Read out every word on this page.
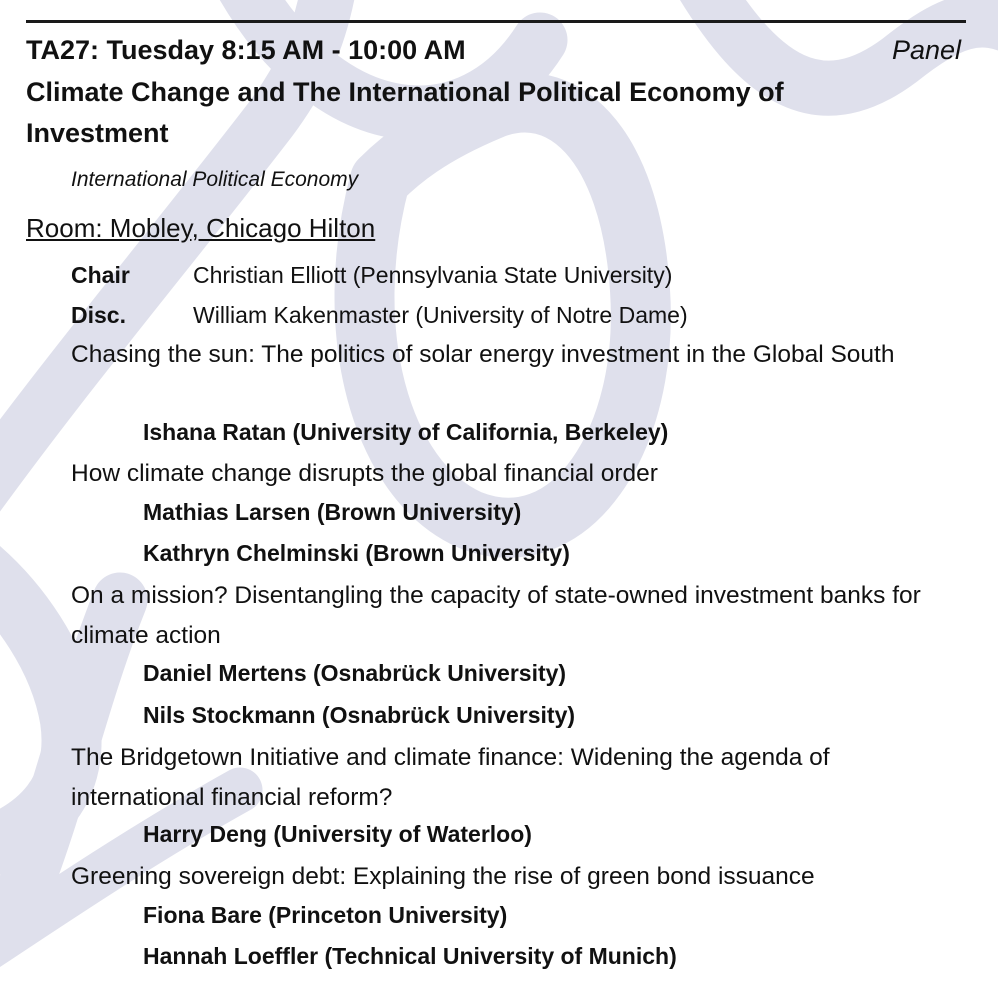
TA27: Tuesday 8:15 AM - 10:00 AM	Panel
Climate Change and The International Political Economy of Investment
International Political Economy
Room: Mobley, Chicago Hilton
Chair	Christian Elliott (Pennsylvania State University)
Disc.	William Kakenmaster (University of Notre Dame)
Chasing the sun: The politics of solar energy investment in the Global South
Ishana Ratan (University of California, Berkeley)
How climate change disrupts the global financial order
Mathias Larsen (Brown University)
Kathryn Chelminski (Brown University)
On a mission? Disentangling the capacity of state-owned investment banks for climate action
Daniel Mertens (Osnabrück University)
Nils Stockmann (Osnabrück University)
The Bridgetown Initiative and climate finance: Widening the agenda of international financial reform?
Harry Deng (University of Waterloo)
Greening sovereign debt: Explaining the rise of green bond issuance
Fiona Bare (Princeton University)
Hannah Loeffler (Technical University of Munich)
